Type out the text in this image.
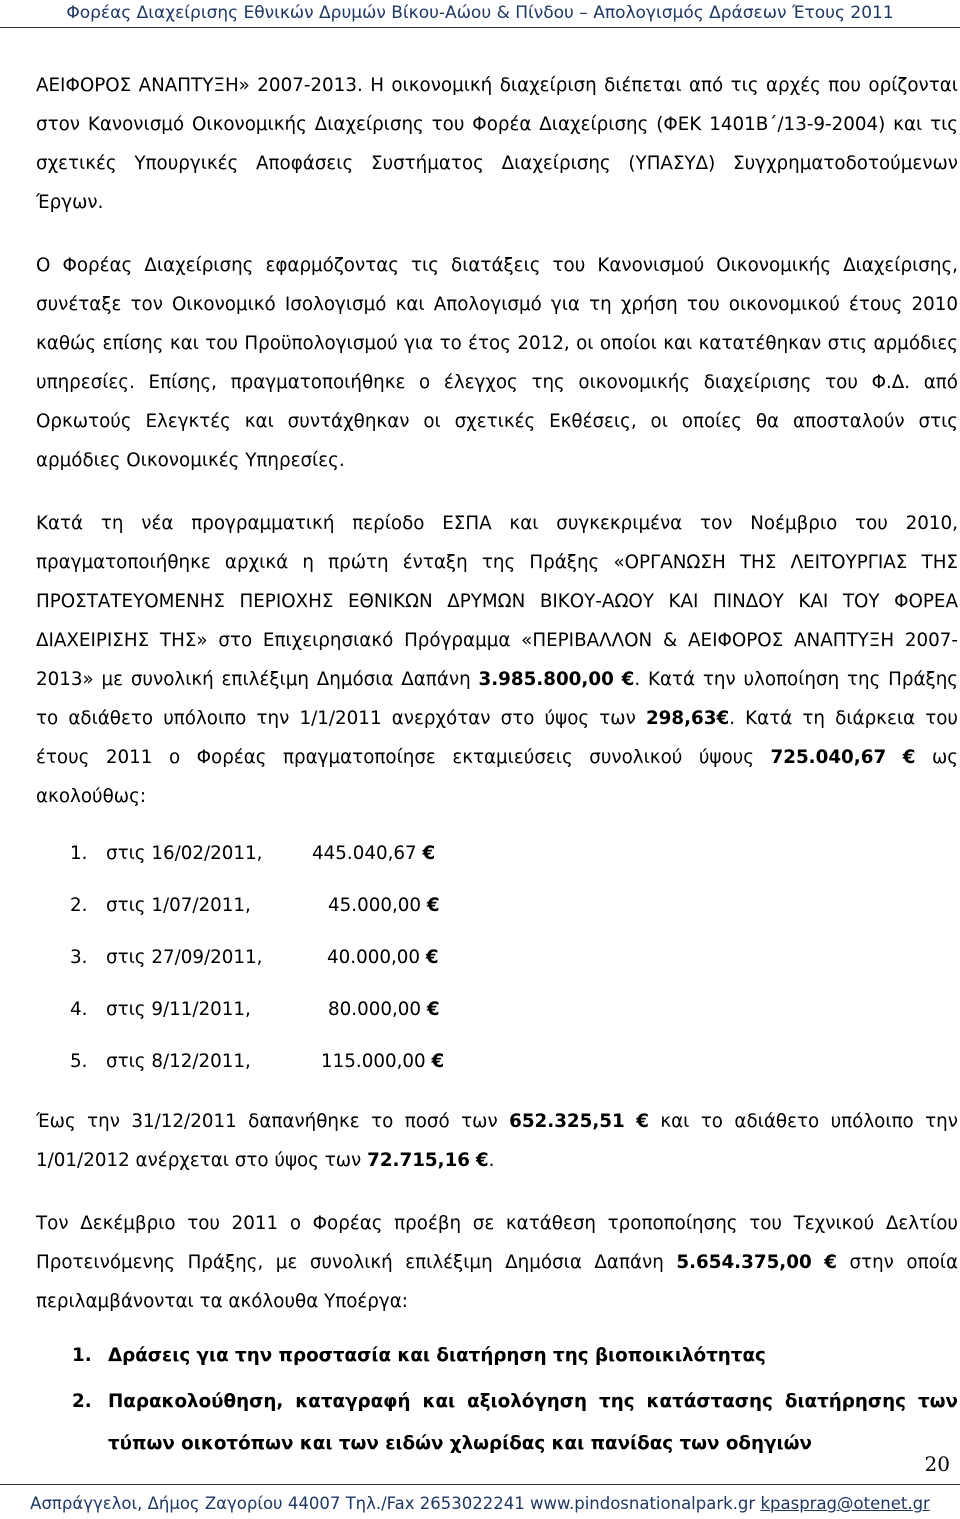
Φορέας Διαχείρισης Εθνικών Δρυμών Βίκου-Αώου & Πίνδου – Απολογισμός Δράσεων Έτους 2011

ΑΕΙΦΟΡΟΣ ΑΝΑΠΤΥΞΗ» 2007-2013. Η οικονομική διαχείριση διέπεται από τις αρχές που ορίζονται στον Κανονισμό Οικονομικής Διαχείρισης του Φορέα Διαχείρισης (ΦΕΚ 1401Β΄/13-9-2004) και τις σχετικές Υπουργικές Αποφάσεις Συστήματος Διαχείρισης (ΥΠΑΣΥΔ) Συγχρηματοδοτούμενων Έργων.

Ο Φορέας Διαχείρισης εφαρμόζοντας τις διατάξεις του Κανονισμού Οικονομικής Διαχείρισης, συνέταξε τον Οικονομικό Ισολογισμό και Απολογισμό για τη χρήση του οικονομικού έτους 2010 καθώς επίσης και του Προϋπολογισμού για το έτος 2012, οι οποίοι και κατατέθηκαν στις αρμόδιες υπηρεσίες. Επίσης, πραγματοποιήθηκε ο έλεγχος της οικονομικής διαχείρισης του Φ.Δ. από Ορκωτούς Ελεγκτές και συντάχθηκαν οι σχετικές Εκθέσεις, οι οποίες θα αποσταλούν στις αρμόδιες Οικονομικές Υπηρεσίες.

Κατά τη νέα προγραμματική περίοδο ΕΣΠΑ και συγκεκριμένα τον Νοέμβριο του 2010, πραγματοποιήθηκε αρχικά η πρώτη ένταξη της Πράξης «ΟΡΓΑΝΩΣΗ ΤΗΣ ΛΕΙΤΟΥΡΓΙΑΣ ΤΗΣ ΠΡΟΣΤΑΤΕΥΟΜΕΝΗΣ ΠΕΡΙΟΧΗΣ ΕΘΝΙΚΩΝ ΔΡΥΜΩΝ ΒΙΚΟΥ-ΑΩΟΥ ΚΑΙ ΠΙΝΔΟΥ ΚΑΙ ΤΟΥ ΦΟΡΕΑ ΔΙΑΧΕΙΡΙΣΗΣ ΤΗΣ» στο Επιχειρησιακό Πρόγραμμα «ΠΕΡΙΒΑΛΛΟΝ & ΑΕΙΦΟΡΟΣ ΑΝΑΠΤΥΞΗ 2007-2013» με συνολική επιλέξιμη Δημόσια Δαπάνη 3.985.800,00 €. Κατά την υλοποίηση της Πράξης το αδιάθετο υπόλοιπο την 1/1/2011 ανερχόταν στο ύψος των 298,63€. Κατά τη διάρκεια του έτους 2011 ο Φορέας πραγματοποίησε εκταμιεύσεις συνολικού ύψους 725.040,67 € ως ακολούθως:

1. στις 16/02/2011,	445.040,67 €
2. στις 1/07/2011,	45.000,00 €
3. στις 27/09/2011,	40.000,00 €
4. στις 9/11/2011,	80.000,00 €
5. στις 8/12/2011,	115.000,00 €

Έως την 31/12/2011 δαπανήθηκε το ποσό των 652.325,51 € και το αδιάθετο υπόλοιπο την 1/01/2012 ανέρχεται στο ύψος των 72.715,16 €.

Τον Δεκέμβριο του 2011 ο Φορέας προέβη σε κατάθεση τροποποίησης του Τεχνικού Δελτίου Προτεινόμενης Πράξης, με συνολική επιλέξιμη Δημόσια Δαπάνη 5.654.375,00 € στην οποία περιλαμβάνονται τα ακόλουθα Υποέργα:

1. Δράσεις για την προστασία και διατήρηση της βιοποικιλότητας
2. Παρακολούθηση, καταγραφή και αξιολόγηση της κατάστασης διατήρησης των τύπων οικοτόπων και των ειδών χλωρίδας και πανίδας των οδηγιών
20
Ασπράγγελοι, Δήμος Ζαγορίου 44007 Τηλ./Fax 2653022241 www.pindosnationalpark.gr kpasprag@otenet.gr
